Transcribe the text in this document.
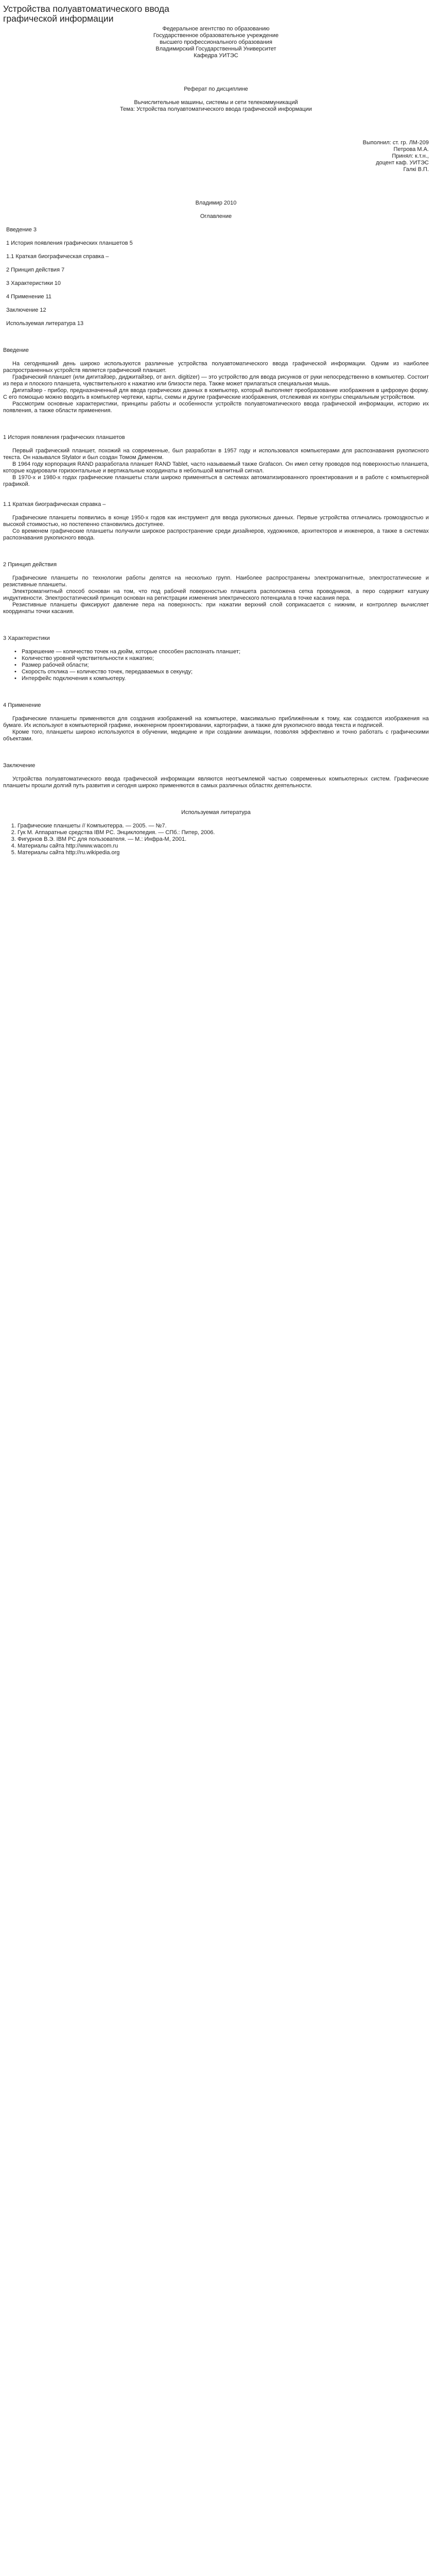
Устройства полуавтоматического ввода графической информации
Федеральное агентство по образованию
Государственное образовательное учреждение
высшего профессионального образования
Владимирский Государственный Университет
Кафедра УИТЭС
Реферат по дисциплине
Вычислительные машины, системы и сети телекоммуникаций
Тема: Устройства полуавтоматического ввода графической информации
Выполнил: ст. гр. ЛМ-209
Петрова М.А.
Принял: к.т.н.,
доцент каф. УИТЭС
Галкі В.П.
Владимир 2010
Оглавление
Введение 3
1 История появления графических планшетов 5
1.1 Краткая биографическая справка –
2 Принцип действия 7
3 Характеристики 10
4 Применение 11
Заключение 12
Используемая литература 13
Введение

На сегодняшний день широко используются различные устройства полуавтоматического ввода графической информации. Одним из наиболее распространенных устройств является графический планшет.

Графический планшет (или дигитайзер, диджитайзер, от англ. digitizer) — это устройство для ввода рисунков от руки непосредственно в компьютер. Состоит из пера и плоского планшета, чувствительного к нажатию или близости пера. Также может прилагаться специальная мышь.

Дигитайзер - прибор, предназначенный для ввода графических данных в компьютер, который выполняет преобразование изображения в цифровую форму. С его помощью можно вводить в компьютер чертежи, карты, схемы и другие графические изображения, отслеживая их контуры специальным устройством.

Рассмотрим основные характеристики, принципы работы и особенности устройств полуавтоматического ввода графической информации, историю их появления, а также области применения.

1 История появления графических планшетов

Первый графический планшет, похожий на современные, был разработан в 1957 году и использовался компьютерами для распознавания рукописного текста. Он назывался Stylator и был создан Томом Дименом.

В 1964 году корпорация RAND разработала планшет RAND Tablet, часто называемый также Grafacon. Он имел сетку проводов под поверхностью планшета, которые кодировали горизонтальные и вертикальные координаты в небольшой магнитный сигнал.

В 1970-х и 1980-х годах графические планшеты стали широко применяться в системах автоматизированного проектирования и в работе с компьютерной графикой.

1.1 Краткая биографическая справка –

Графические планшеты появились в конце 1950-х годов как инструмент для ввода рукописных данных. Первые устройства отличались громоздкостью и высокой стоимостью, но постепенно становились доступнее.

Со временем графические планшеты получили широкое распространение среди дизайнеров, художников, архитекторов и инженеров, а также в системах распознавания рукописного ввода.

2 Принцип действия

Графические планшеты по технологии работы делятся на несколько групп. Наиболее распространены электромагнитные, электростатические и резистивные планшеты.

Электромагнитный способ основан на том, что под рабочей поверхностью планшета расположена сетка проводников, а перо содержит катушку индуктивности. Электростатический принцип основан на регистрации изменения электрического потенциала в точке касания пера.

Резистивные планшеты фиксируют давление пера на поверхность: при нажатии верхний слой соприкасается с нижним, и контроллер вычисляет координаты точки касания.

3 Характеристики
• Разрешение — количество точек на дюйм, которые способен распознать планшет;
• Количество уровней чувствительности к нажатию;
• Размер рабочей области;
• Скорость отклика — количество точек, передаваемых в секунду;
• Интерфейс подключения к компьютеру.
4 Применение

Графические планшеты применяются для создания изображений на компьютере, максимально приближённым к тому, как создаются изображения на бумаге. Их используют в компьютерной графике, инженерном проектировании, картографии, а также для рукописного ввода текста и подписей.

Кроме того, планшеты широко используются в обучении, медицине и при создании анимации, позволяя эффективно и точно работать с графическими объектами.

Заключение

Устройства полуавтоматического ввода графической информации являются неотъемлемой частью современных компьютерных систем. Графические планшеты прошли долгий путь развития и сегодня широко применяются в самых различных областях деятельности.

Используемая литература
1. Графические планшеты // Компьютерра. — 2005. — №7.
2. Гук М. Аппаратные средства IBM PC. Энциклопедия. — СПб.: Питер, 2006.
3. Фигурнов В.Э. IBM PC для пользователя. — М.: Инфра-М, 2001.
4. Материалы сайта http://www.wacom.ru
5. Материалы сайта http://ru.wikipedia.org
